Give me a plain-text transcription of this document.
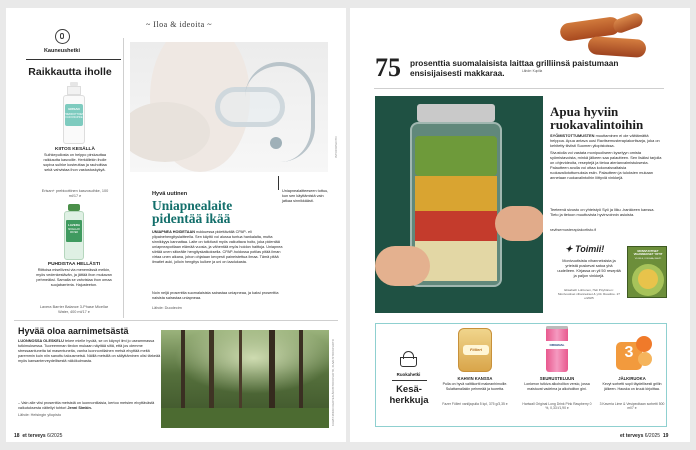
~ Iloa & ideoita ~
Kauneushetki
Raikkautta iholle
ERISAN
PREBIOOTTINEN KASVOSUIHKE
KIITOS KESÄLLÄ
Suihkepullosta on helppo pirskauttaa raikkautta kasvoille. Herkällekin iholle sopiva suihke kosteuttaa ja rauhoittaa sekä vahvistaa ihon vastustuskykyä.
Erisan+ prebioottinen kasvosuihke, 100 ml/17 e
LAVERA
MICELLAR WATER
PUHDISTAA HELLÄSTI
Riittoisa misellivesi via menemässä meikin, myös vedenkestävän, ja jättää ihon mukavan pehmeäksi. Samalla se vahvistaa ihon omaa suojabarrieria. Hajusteeton.
Lavera Barrier Balance 3-Phase Micellar Water, 400 ml/17 e
ISTOCKPHOTO
Uniapnealaitteeseen tottuu, kun sen käyttämistä vain jatkaa sinnikkäästi.
Hyvä uutinen
Uniapnealaite pidentää ikää
UNIAPNEA HOIDETAAN nukkuessa pidettävällä CPAP- eli ylipainehengityslaitteella. Sen käyttö voi alussa tuntua hankalalta, mutta sinnikkyys kannattaa. Laite on tutkitusti myös vaikuttava hoito, joka pidentää uniapneapotilaan elämää vuosia, ja vähentää myös hoidon haittoja. Uniapnea siirtää unen sitkeälle hengityskatkoksella. CPAP-hoidossa potilas pitää ilman virtaa unen aikana, johon ohjataan kevyesti paineistettua ilmaa. Tämä pitää ilmatiet auki, jolloin hengitys kulkee ja uni on laadukasta.
Noin neljä prosenttia suomalaisista sairastaa uniapneaa, ja kaksi prosenttia naisista sairastaa uniapneaa.
Lähde: Duodecim
Hyvää oloa aarnimetsästä
LUONNOSSA OLESKELU tekee mielle hyvää, se on käynyt ilmi jo useammassa tutkimuksessa. Tuoreemman tiedon mukaan näyttää siltä, että jos olemme stressaantuneita tai masentuneita, vanha luonnontilainen metsä elvyttää meitä paremmin kuin niin sanottu talousmetsä. Näillä metsillä on säilyttäminen olisi tärkeää myös kansanterveydellisestä näkökulmasta.
– Vain alle viisi prosenttia metsistä on luonnontilaisia, kertoo metsien elvyttävästä vaikutuksesta väitellyt tohtori Jenni Simkin.
Lähde: Helsingin yliopisto	KUVAT MIKKO KERTEN ÄKI/ISTOCKPHOTO, KUVA ISTOCKPHOTO
18 et terveys 6/2025
75 prosenttia suomalaisista laittaa grilliinsä paistumaan ensisijaisesti makkaraa.	Lähde: Kupilla
Apua hyviin ruokavalintoihin
SYÖMISTOTTUMUSTEN muuttaminen ei ole välttämättä helppoa. Apua antava uusi Ravitsemusterapiakortisarja, joka on kehitetty tiiviisti Suomen yliopistoissa.
Sivustolla voi vastata monipuoliseen kyselyyn omista syömistavoista, minkä jälkeen saa palautteen. Sen lisäksi tarjolla on ohjevideoita, reseptejä ja tietoa aterianvalmistuksesta. Palautteen avulla voi ottaa kokonaisvaltaisia ruokavaliotottumuksia esiin. Palautteen ja tuloksien mukaan annetaan ruokavalintoihin liittyviä vinkkejä.
Teeteenä sivusto on yhteistyö Syö ja liiku -hankkeen kanssa. Tieto ja tietoon muuttuvista hyvinvoinnin asioista.
ravitsemusterapiakortisto.fi
✦ Toimii!
Monivuotisista vihanneksista ja yrteistä puskevat satoa yhä uudelleen. Kirjassa on yli 50 reseptiä ja paljon vinkkejä.
Elisabeth Lohtonen, Heli Pöyhönen: Monivuotiset vihannekset & yrtit. Readme. 27 e/2025
MONIVUOTISET VIHANNEKSET YRTIT
VILJELE, KOKKAA, NAUTI
Ruokahetki
Kesä-herkkuja
Fölleri
KAHVIN KANSSA
Pulla on hyvä valttikortti makeanhimoille. Sulattamallakin pehmeää ja tuoretta.
Fazer Fölleri vaniljapulla 5 kpl, 375 g/3,35 e
ORIGINAL
SEURUSTELUUN
Lonkeron tutkiva alkoholiton versio, jossa maistuvat vadelma ja alkoholiton gini.
Hartwall Original Long Drink Pink Raspberry 0 %, 0,33 l/1,90 e
3
JÄLKIRUOKA
Kevyt sorbetti sopii täydellisesti grillin jälkeen. Hauska on kruuk kirjoittaa.
3 Kaveria Lime & Vesipeoltaan sorbetti 500 ml/7 e
et terveys 6/2025 19
